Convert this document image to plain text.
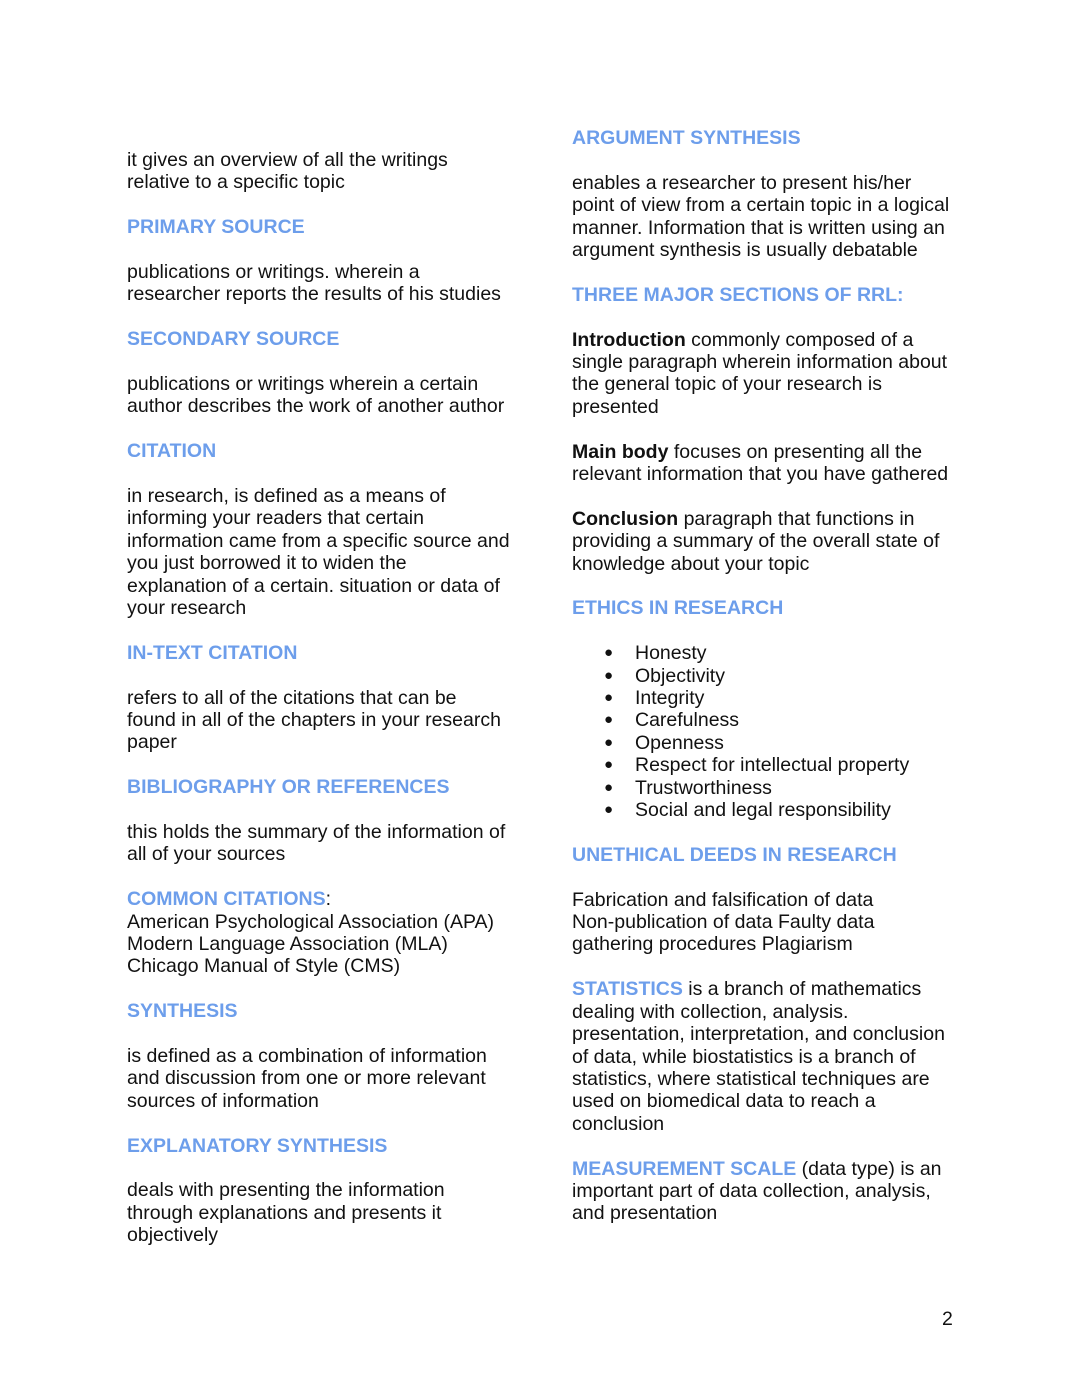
it gives an overview of all the writings
relative to a specific topic

PRIMARY SOURCE

publications or writings. wherein a
researcher reports the results of his studies

SECONDARY SOURCE

publications or writings wherein a certain
author describes the work of another author

CITATION

in research, is defined as a means of
informing your readers that certain
information came from a specific source and
you just borrowed it to widen the
explanation of a certain. situation or data of
your research

IN-TEXT CITATION

refers to all of the citations that can be
found in all of the chapters in your research
paper

BIBLIOGRAPHY OR REFERENCES

this holds the summary of the information of
all of your sources

COMMON CITATIONS:
American Psychological Association (APA)
Modern Language Association (MLA)
Chicago Manual of Style (CMS)

SYNTHESIS

is defined as a combination of information
and discussion from one or more relevant
sources of information

EXPLANATORY SYNTHESIS

deals with presenting the information
through explanations and presents it
objectively

ARGUMENT SYNTHESIS

enables a researcher to present his/her
point of view from a certain topic in a logical
manner. Information that is written using an
argument synthesis is usually debatable

THREE MAJOR SECTIONS OF RRL:

Introduction commonly composed of a
single paragraph wherein information about
the general topic of your research is
presented

Main body focuses on presenting all the
relevant information that you have gathered

Conclusion paragraph that functions in
providing a summary of the overall state of
knowledge about your topic

ETHICS IN RESEARCH

● Honesty
● Objectivity
● Integrity
● Carefulness
● Openness
● Respect for intellectual property
● Trustworthiness
● Social and legal responsibility

UNETHICAL DEEDS IN RESEARCH

Fabrication and falsification of data
Non-publication of data Faulty data
gathering procedures Plagiarism

STATISTICS is a branch of mathematics
dealing with collection, analysis.
presentation, interpretation, and conclusion
of data, while biostatistics is a branch of
statistics, where statistical techniques are
used on biomedical data to reach a
conclusion

MEASUREMENT SCALE (data type) is an
important part of data collection, analysis,
and presentation

2
